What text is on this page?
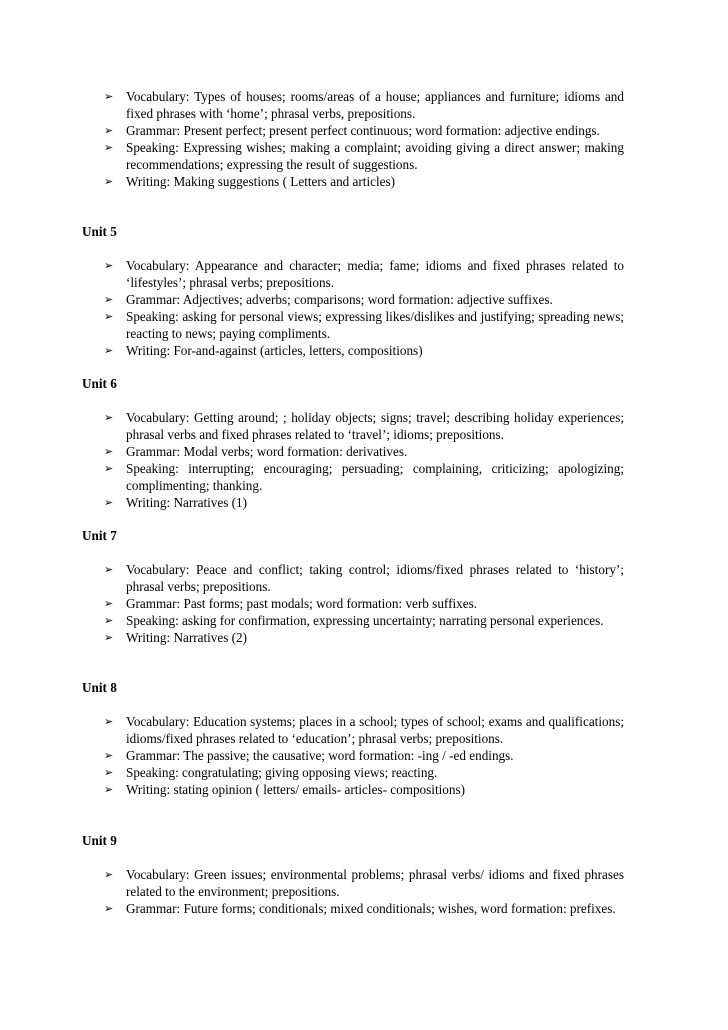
➢ Vocabulary: Types of houses; rooms/areas of a house; appliances and furniture; idioms and fixed phrases with ‘home’; phrasal verbs, prepositions.
➢ Grammar: Present perfect; present perfect continuous; word formation: adjective endings.
➢ Speaking: Expressing wishes; making a complaint; avoiding giving a direct answer; making recommendations; expressing the result of suggestions.
➢ Writing: Making suggestions ( Letters and articles)
Unit 5
➢ Vocabulary: Appearance and character; media; fame; idioms and fixed phrases related to ‘lifestyles’; phrasal verbs; prepositions.
➢ Grammar: Adjectives; adverbs; comparisons; word formation: adjective suffixes.
➢ Speaking: asking for personal views; expressing likes/dislikes and justifying; spreading news; reacting to news; paying compliments.
➢ Writing: For-and-against (articles, letters, compositions)
Unit 6
➢ Vocabulary: Getting around; ; holiday objects; signs; travel; describing holiday experiences; phrasal verbs and fixed phrases related to ‘travel’; idioms; prepositions.
➢ Grammar: Modal verbs; word formation: derivatives.
➢ Speaking: interrupting; encouraging; persuading; complaining, criticizing; apologizing; complimenting; thanking.
➢ Writing: Narratives (1)
Unit 7
➢ Vocabulary: Peace and conflict; taking control; idioms/fixed phrases related to ‘history’; phrasal verbs; prepositions.
➢ Grammar: Past forms; past modals; word formation: verb suffixes.
➢ Speaking: asking for confirmation, expressing uncertainty; narrating personal experiences.
➢ Writing: Narratives (2)
Unit 8
➢ Vocabulary: Education systems; places in a school; types of school; exams and qualifications; idioms/fixed phrases related to ‘education’; phrasal verbs; prepositions.
➢ Grammar: The passive; the causative; word formation: -ing / -ed endings.
➢ Speaking: congratulating; giving opposing views; reacting.
➢ Writing: stating opinion ( letters/ emails- articles- compositions)
Unit 9
➢ Vocabulary: Green issues; environmental problems; phrasal verbs/ idioms and fixed phrases related to the environment; prepositions.
➢ Grammar: Future forms; conditionals; mixed conditionals; wishes, word formation: prefixes.
